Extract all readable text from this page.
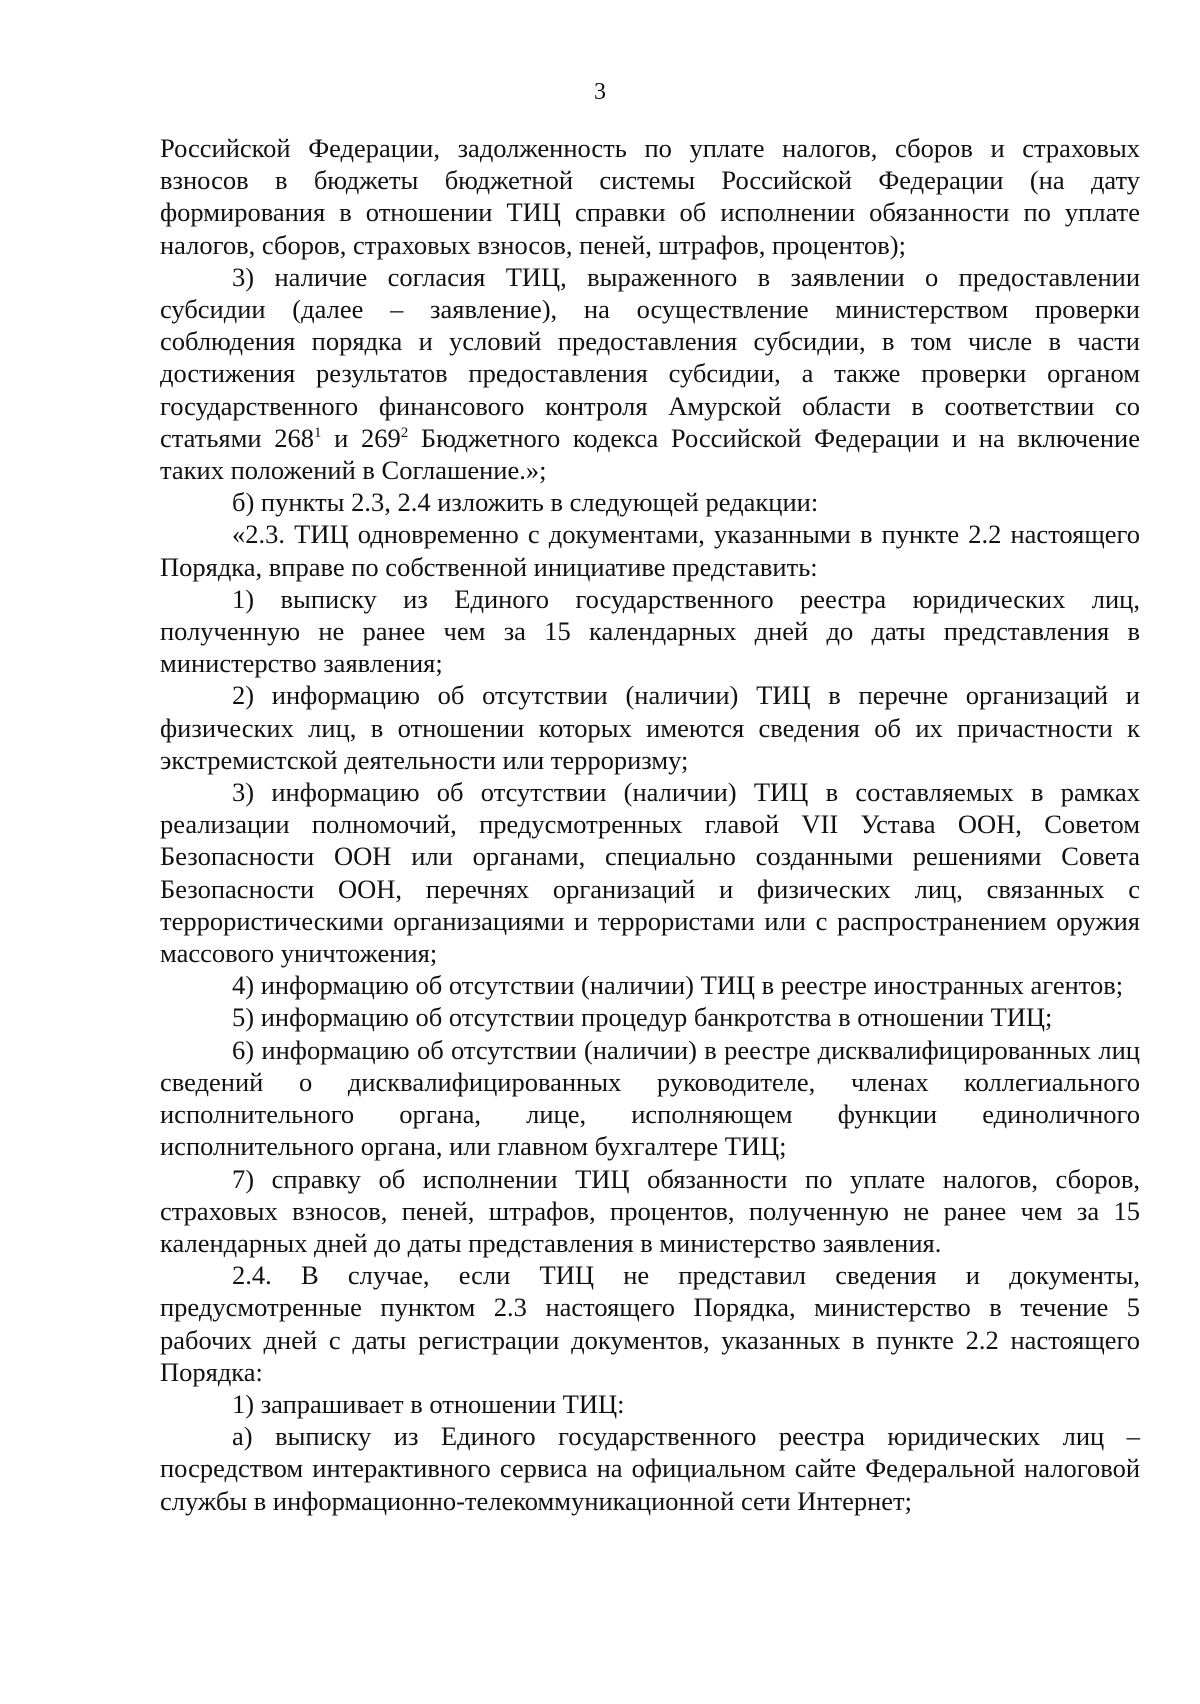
3

Российской Федерации, задолженность по уплате налогов, сборов и страховых взносов в бюджеты бюджетной системы Российской Федерации (на дату формирования в отношении ТИЦ справки об исполнении обязанности по уплате налогов, сборов, страховых взносов, пеней, штрафов, процентов);

3) наличие согласия ТИЦ, выраженного в заявлении о предоставлении субсидии (далее – заявление), на осуществление министерством проверки соблюдения порядка и условий предоставления субсидии, в том числе в части достижения результатов предоставления субсидии, а также проверки органом государственного финансового контроля Амурской области в соответствии со статьями $268^1$ и $269^2$ Бюджетного кодекса Российской Федерации и на включение таких положений в Соглашение.»;

б) пункты 2.3, 2.4 изложить в следующей редакции:

«2.3. ТИЦ одновременно с документами, указанными в пункте 2.2 настоящего Порядка, вправе по собственной инициативе представить:

1) выписку из Единого государственного реестра юридических лиц, полученную не ранее чем за 15 календарных дней до даты представления в министерство заявления;

2) информацию об отсутствии (наличии) ТИЦ в перечне организаций и физических лиц, в отношении которых имеются сведения об их причастности к экстремистской деятельности или терроризму;

3) информацию об отсутствии (наличии) ТИЦ в составляемых в рамках реализации полномочий, предусмотренных главой VII Устава ООН, Советом Безопасности ООН или органами, специально созданными решениями Совета Безопасности ООН, перечнях организаций и физических лиц, связанных с террористическими организациями и террористами или с распространением оружия массового уничтожения;

4) информацию об отсутствии (наличии) ТИЦ в реестре иностранных агентов;

5) информацию об отсутствии процедур банкротства в отношении ТИЦ;

6) информацию об отсутствии (наличии) в реестре дисквалифицированных лиц сведений о дисквалифицированных руководителе, членах коллегиального исполнительного органа, лице, исполняющем функции единоличного исполнительного органа, или главном бухгалтере ТИЦ;

7) справку об исполнении ТИЦ обязанности по уплате налогов, сборов, страховых взносов, пеней, штрафов, процентов, полученную не ранее чем за 15 календарных дней до даты представления в министерство заявления.

2.4. В случае, если ТИЦ не представил сведения и документы, предусмотренные пунктом 2.3 настоящего Порядка, министерство в течение 5 рабочих дней с даты регистрации документов, указанных в пункте 2.2 настоящего Порядка:

1) запрашивает в отношении ТИЦ:

а) выписку из Единого государственного реестра юридических лиц – посредством интерактивного сервиса на официальном сайте Федеральной налоговой службы в информационно-телекоммуникационной сети Интернет;
